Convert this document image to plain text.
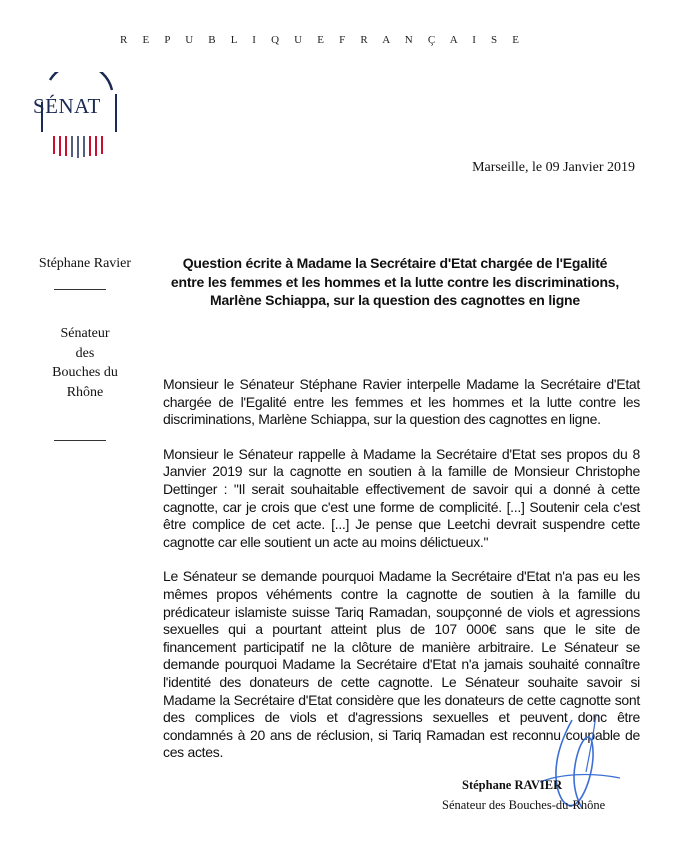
R E P U B L I Q U E F R A N Ç A I S E
SÉNAT
Marseille, le 09 Janvier 2019
Stéphane Ravier
Sénateur
des
Bouches du
Rhône
Question écrite à Madame la Secrétaire d'Etat chargée de l'Egalité
entre les femmes et les hommes et la lutte contre les discriminations,
Marlène Schiappa, sur la question des cagnottes en ligne

Monsieur le Sénateur Stéphane Ravier interpelle Madame la Secrétaire d'Etat chargée de l'Egalité entre les femmes et les hommes et la lutte contre les discriminations, Marlène Schiappa, sur la question des cagnottes en ligne.

Monsieur le Sénateur rappelle à Madame la Secrétaire d'Etat ses propos du 8 Janvier 2019 sur la cagnotte en soutien à la famille de Monsieur Christophe Dettinger : "Il serait souhaitable effectivement de savoir qui a donné à cette cagnotte, car je crois que c'est une forme de complicité. [...] Soutenir cela c'est être complice de cet acte. [...] Je pense que Leetchi devrait suspendre cette cagnotte car elle soutient un acte au moins délictueux."

Le Sénateur se demande pourquoi Madame la Secrétaire d'Etat n'a pas eu les mêmes propos véhéments contre la cagnotte de soutien à la famille du prédicateur islamiste suisse Tariq Ramadan, soupçonné de viols et agressions sexuelles qui a pourtant atteint plus de 107 000€ sans que le site de financement participatif ne la clôture de manière arbitraire. Le Sénateur se demande pourquoi Madame la Secrétaire d'Etat n'a jamais souhaité connaître l'identité des donateurs de cette cagnotte. Le Sénateur souhaite savoir si Madame la Secrétaire d'Etat considère que les donateurs de cette cagnotte sont des complices de viols et d'agressions sexuelles et peuvent donc être condamnés à 20 ans de réclusion, si Tariq Ramadan est reconnu coupable de ces actes.

Stéphane RAVIER
Sénateur des Bouches-du-Rhône
